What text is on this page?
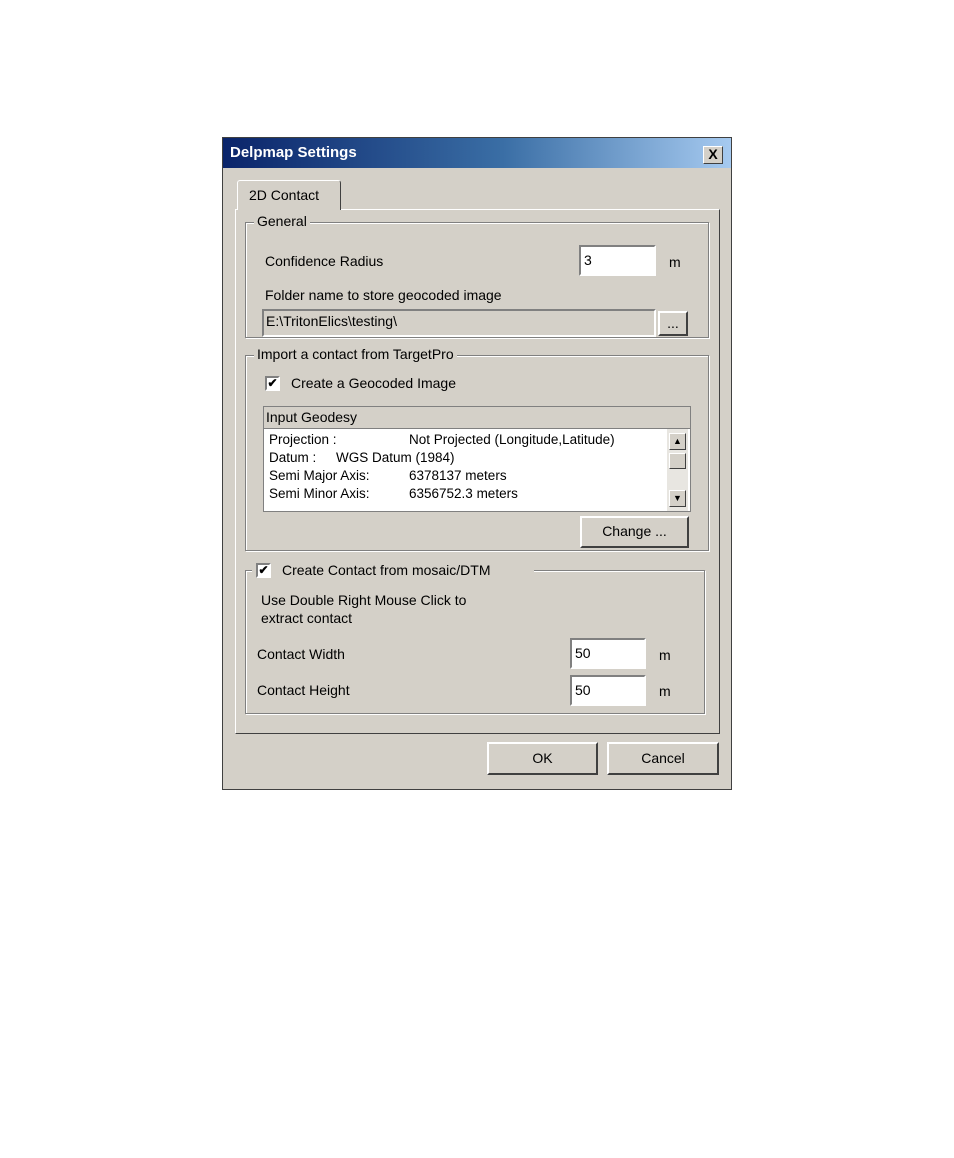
Delpmap Settings	X
2D Contact
General
Confidence Radius	3	m
Folder name to store geocoded image
E:\TritonElics\testing\	...
Import a contact from TargetPro
✔ Create a Geocoded Image
Input Geodesy
Projection :	Not Projected (Longitude,Latitude)
Datum : WGS Datum (1984)
Semi Major Axis:	6378137 meters
Semi Minor Axis:	6356752.3 meters
▲
▼
Change ...
✔ Create Contact from mosaic/DTM
Use Double Right Mouse Click to
extract contact
Contact Width	50	m
Contact Height	50	m
OK	Cancel
